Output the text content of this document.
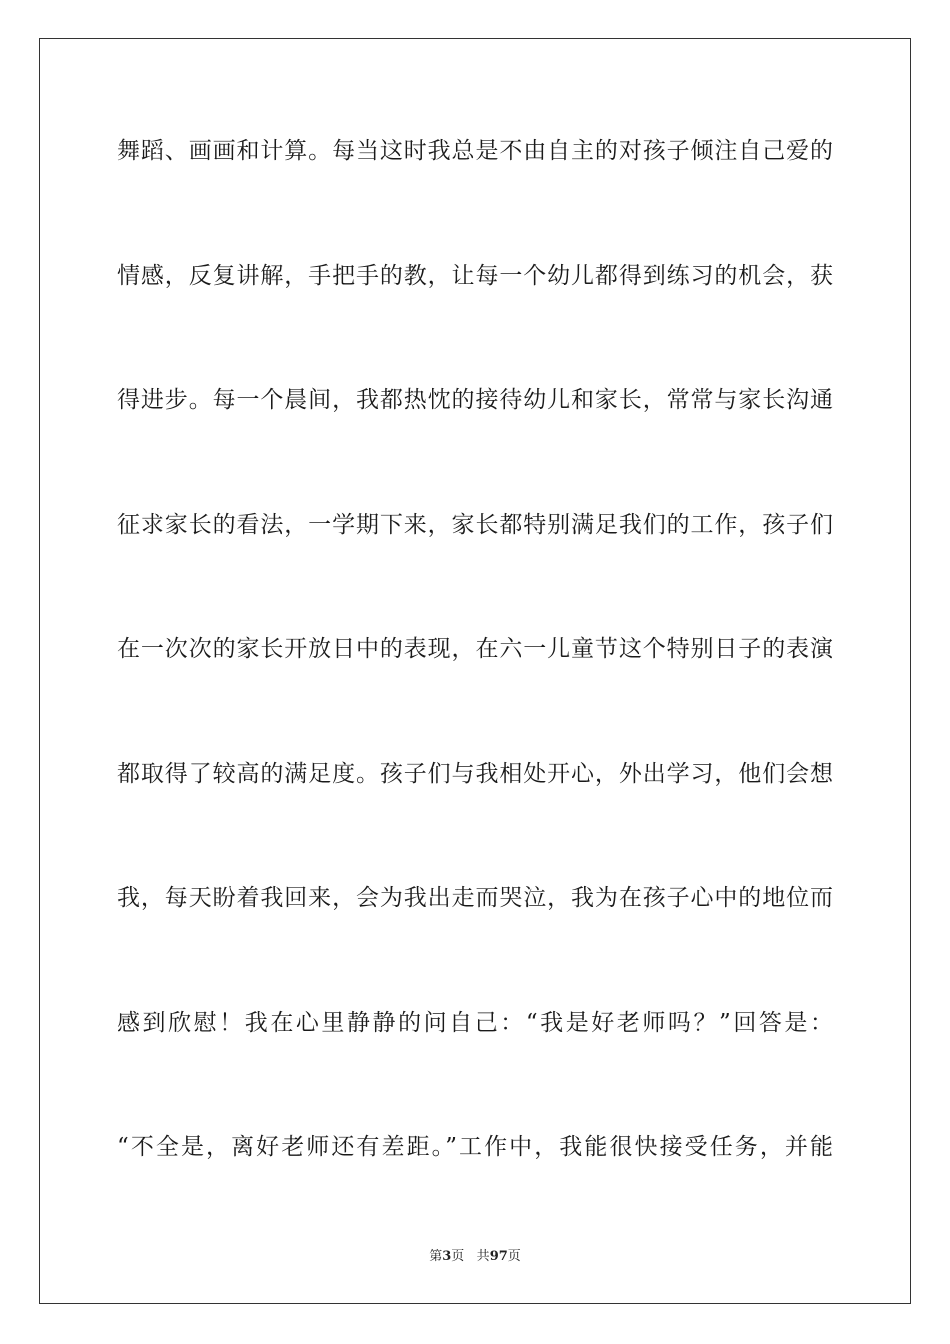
舞蹈、画画和计算。每当这时我总是不由自主的对孩子倾注自己爱的
情感，反复讲解，手把手的教，让每一个幼儿都得到练习的机会，获
得进步。每一个晨间，我都热忱的接待幼儿和家长，常常与家长沟通
征求家长的看法，一学期下来，家长都特别满足我们的工作，孩子们
在一次次的家长开放日中的表现，在六一儿童节这个特别日子的表演
都取得了较高的满足度。孩子们与我相处开心，外出学习，他们会想
我，每天盼着我回来，会为我出走而哭泣，我为在孩子心中的地位而
感到欣慰！我在心里静静的问自己：“我是好老师吗？”回答是：
“不全是，离好老师还有差距。”工作中，我能很快接受任务，并能
第3页 共97页
